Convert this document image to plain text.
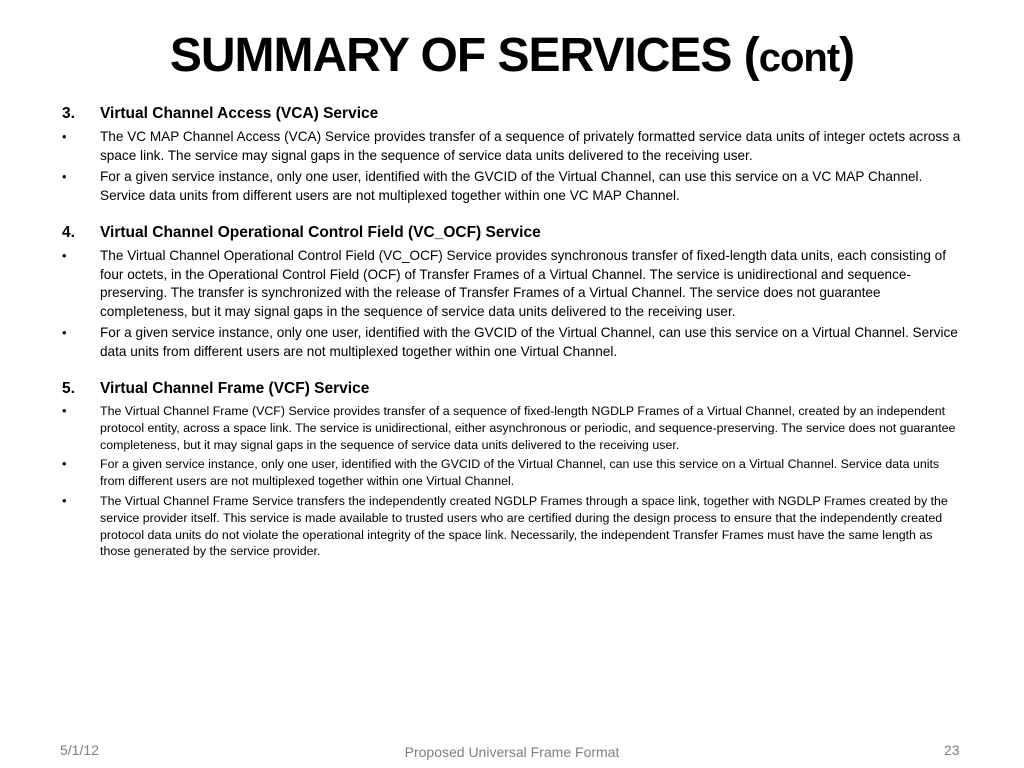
SUMMARY OF SERVICES (cont)
3.	Virtual Channel Access (VCA) Service
•	The VC MAP Channel Access (VCA) Service provides transfer of a sequence of privately formatted service data units of integer octets across a space link. The service may signal gaps in the sequence of service data units delivered to the receiving user.
•	For a given service instance, only one user, identified with the GVCID of the Virtual Channel, can use this service on a VC MAP Channel. Service data units from different users are not multiplexed together within one VC MAP Channel.
4.	Virtual Channel Operational Control Field (VC_OCF) Service
•	The Virtual Channel Operational Control Field (VC_OCF) Service provides synchronous transfer of fixed-length data units, each consisting of four octets, in the Operational Control Field (OCF) of Transfer Frames of a Virtual Channel. The service is unidirectional and sequence-preserving. The transfer is synchronized with the release of Transfer Frames of a Virtual Channel. The service does not guarantee completeness, but it may signal gaps in the sequence of service data units delivered to the receiving user.
•	For a given service instance, only one user, identified with the GVCID of the Virtual Channel, can use this service on a Virtual Channel. Service data units from different users are not multiplexed together within one Virtual Channel.
5.	Virtual Channel Frame (VCF) Service
•	The Virtual Channel Frame (VCF) Service provides transfer of a sequence of fixed-length NGDLP Frames of a Virtual Channel, created by an independent protocol entity, across a space link. The service is unidirectional, either asynchronous or periodic, and sequence-preserving. The service does not guarantee completeness, but it may signal gaps in the sequence of service data units delivered to the receiving user.
•	For a given service instance, only one user, identified with the GVCID of the Virtual Channel, can use this service on a Virtual Channel. Service data units from different users are not multiplexed together within one Virtual Channel.
•	The Virtual Channel Frame Service transfers the independently created NGDLP Frames through a space link, together with NGDLP Frames created by the service provider itself. This service is made available to trusted users who are certified during the design process to ensure that the independently created protocol data units do not violate the operational integrity of the space link. Necessarily, the independent Transfer Frames must have the same length as those generated by the service provider.
5/1/12	Proposed Universal Frame Format	23
